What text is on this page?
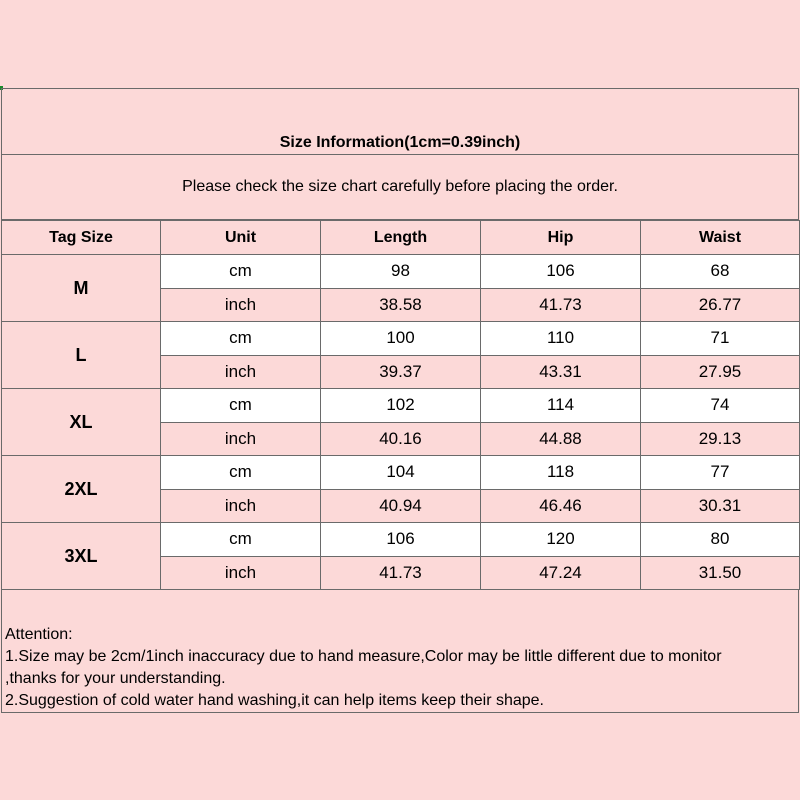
Size Information(1cm=0.39inch)
Please check the size chart carefully before placing the order.
Tag Size	Unit	Length	Hip	Waist
M	cm	98	106	68
	inch	38.58	41.73	26.77
L	cm	100	110	71
	inch	39.37	43.31	27.95
XL	cm	102	114	74
	inch	40.16	44.88	29.13
2XL	cm	104	118	77
	inch	40.94	46.46	30.31
3XL	cm	106	120	80
	inch	41.73	47.24	31.50
Attention:
1.Size may be 2cm/1inch inaccuracy due to hand measure,Color may be little different due to monitor
,thanks for your understanding.
2.Suggestion of cold water hand washing,it can help items keep their shape.
